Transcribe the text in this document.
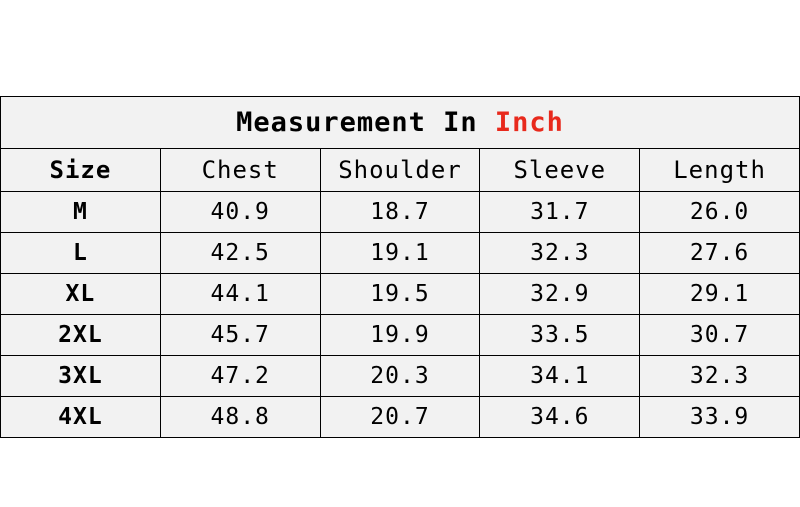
Measurement In Inch				
Size	Chest	Shoulder	Sleeve	Length
M	40.9	18.7	31.7	26.0
L	42.5	19.1	32.3	27.6
XL	44.1	19.5	32.9	29.1
2XL	45.7	19.9	33.5	30.7
3XL	47.2	20.3	34.1	32.3
4XL	48.8	20.7	34.6	33.9
